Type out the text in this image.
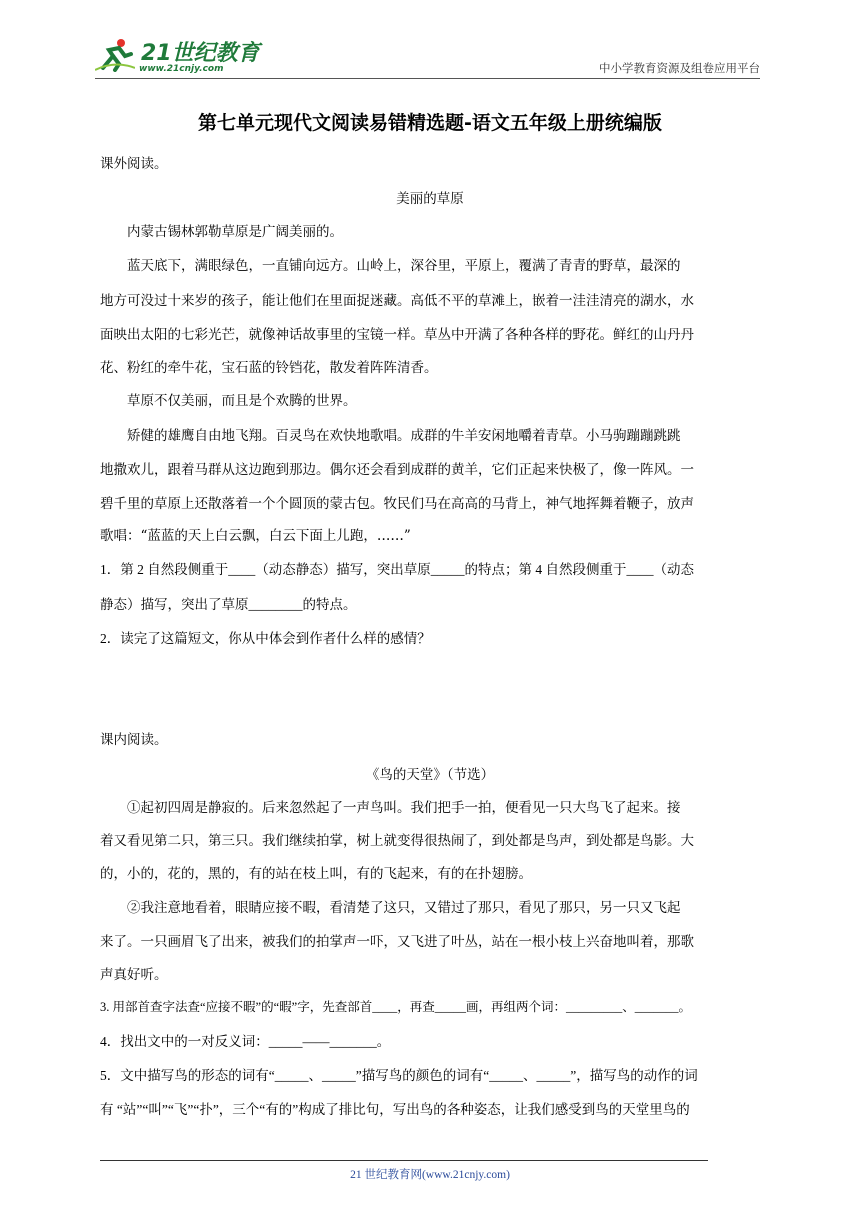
21世纪教育
www.21cnjy.com	中小学教育资源及组卷应用平台
第七单元现代文阅读易错精选题-语文五年级上册统编版
课外阅读。
美丽的草原
内蒙古锡林郭勒草原是广阔美丽的。
蓝天底下，满眼绿色，一直铺向远方。山岭上，深谷里，平原上，覆满了青青的野草，最深的
地方可没过十来岁的孩子，能让他们在里面捉迷藏。高低不平的草滩上，嵌着一洼洼清亮的湖水，水
面映出太阳的七彩光芒，就像神话故事里的宝镜一样。草丛中开满了各种各样的野花。鲜红的山丹丹
花、粉红的牵牛花，宝石蓝的铃铛花，散发着阵阵清香。
草原不仅美丽，而且是个欢腾的世界。
矫健的雄鹰自由地飞翔。百灵鸟在欢快地歌唱。成群的牛羊安闲地嚼着青草。小马驹蹦蹦跳跳
地撒欢儿，跟着马群从这边跑到那边。偶尔还会看到成群的黄羊，它们正起来快极了，像一阵风。一
碧千里的草原上还散落着一个个圆顶的蒙古包。牧民们马在高高的马背上，神气地挥舞着鞭子，放声
歌唱：“蓝蓝的天上白云飘，白云下面上儿跑，……”
1．第 2 自然段侧重于____（动态静态）描写，突出草原_____的特点；第 4 自然段侧重于____（动态
静态）描写，突出了草原________的特点。
2．读完了这篇短文，你从中体会到作者什么样的感情？
课内阅读。
《鸟的天堂》（节选）
①起初四周是静寂的。后来忽然起了一声鸟叫。我们把手一拍，便看见一只大鸟飞了起来。接
着又看见第二只，第三只。我们继续拍掌，树上就变得很热闹了，到处都是鸟声，到处都是鸟影。大
的，小的，花的，黑的，有的站在枝上叫，有的飞起来，有的在扑翅膀。
②我注意地看着，眼睛应接不暇，看清楚了这只，又错过了那只，看见了那只，另一只又飞起
来了。一只画眉飞了出来，被我们的拍掌声一吓，又飞进了叶丛，站在一根小枝上兴奋地叫着，那歌
声真好听。
3. 用部首查字法查“应接不暇”的“暇”字，先查部首____，再查_____画，再组两个词：_________、_______。
4．找出文中的一对反义词：_____——_______。
5．文中描写鸟的形态的词有“_____、_____”描写鸟的颜色的词有“_____、_____”，描写鸟的动作的词
有 “站”“叫”“飞”“扑”，三个“有的”构成了排比句，写出鸟的各种姿态，让我们感受到鸟的天堂里鸟的
21 世纪教育网(www.21cnjy.com)
